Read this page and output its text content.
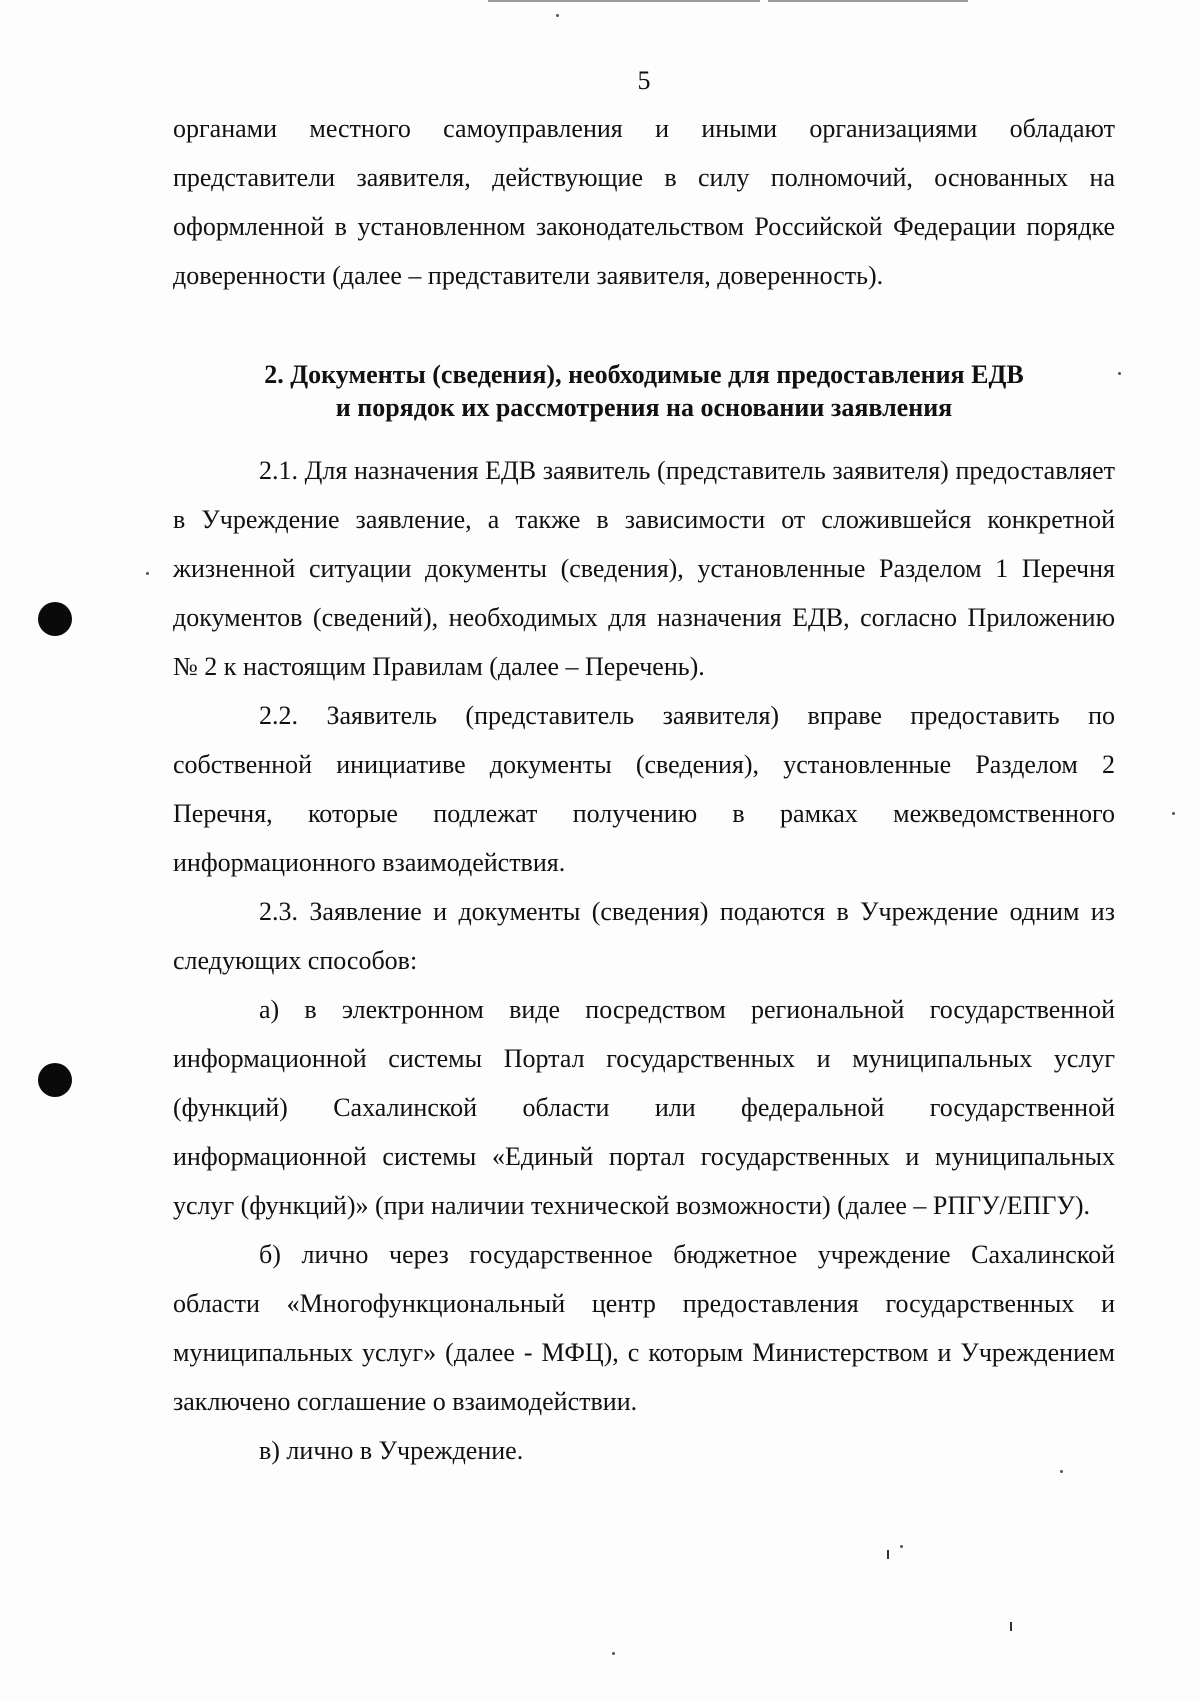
5

органами местного самоуправления и иными организациями обладают представители заявителя, действующие в силу полномочий, основанных на оформленной в установленном законодательством Российской Федерации порядке доверенности (далее – представители заявителя, доверенность).

2. Документы (сведения), необходимые для предоставления ЕДВ
и порядок их рассмотрения на основании заявления

2.1. Для назначения ЕДВ заявитель (представитель заявителя) предоставляет в Учреждение заявление, а также в зависимости от сложившейся конкретной жизненной ситуации документы (сведения), установленные Разделом 1 Перечня документов (сведений), необходимых для назначения ЕДВ, согласно Приложению № 2 к настоящим Правилам (далее – Перечень).

2.2. Заявитель (представитель заявителя) вправе предоставить по собственной инициативе документы (сведения), установленные Разделом 2 Перечня, которые подлежат получению в рамках межведомственного информационного взаимодействия.

2.3. Заявление и документы (сведения) подаются в Учреждение одним из следующих способов:

а) в электронном виде посредством региональной государственной информационной системы Портал государственных и муниципальных услуг (функций) Сахалинской области или федеральной государственной информационной системы «Единый портал государственных и муниципальных услуг (функций)» (при наличии технической возможности) (далее – РПГУ/ЕПГУ).

б) лично через государственное бюджетное учреждение Сахалинской области «Многофункциональный центр предоставления государственных и муниципальных услуг» (далее - МФЦ), с которым Министерством и Учреждением заключено соглашение о взаимодействии.

в) лично в Учреждение.
